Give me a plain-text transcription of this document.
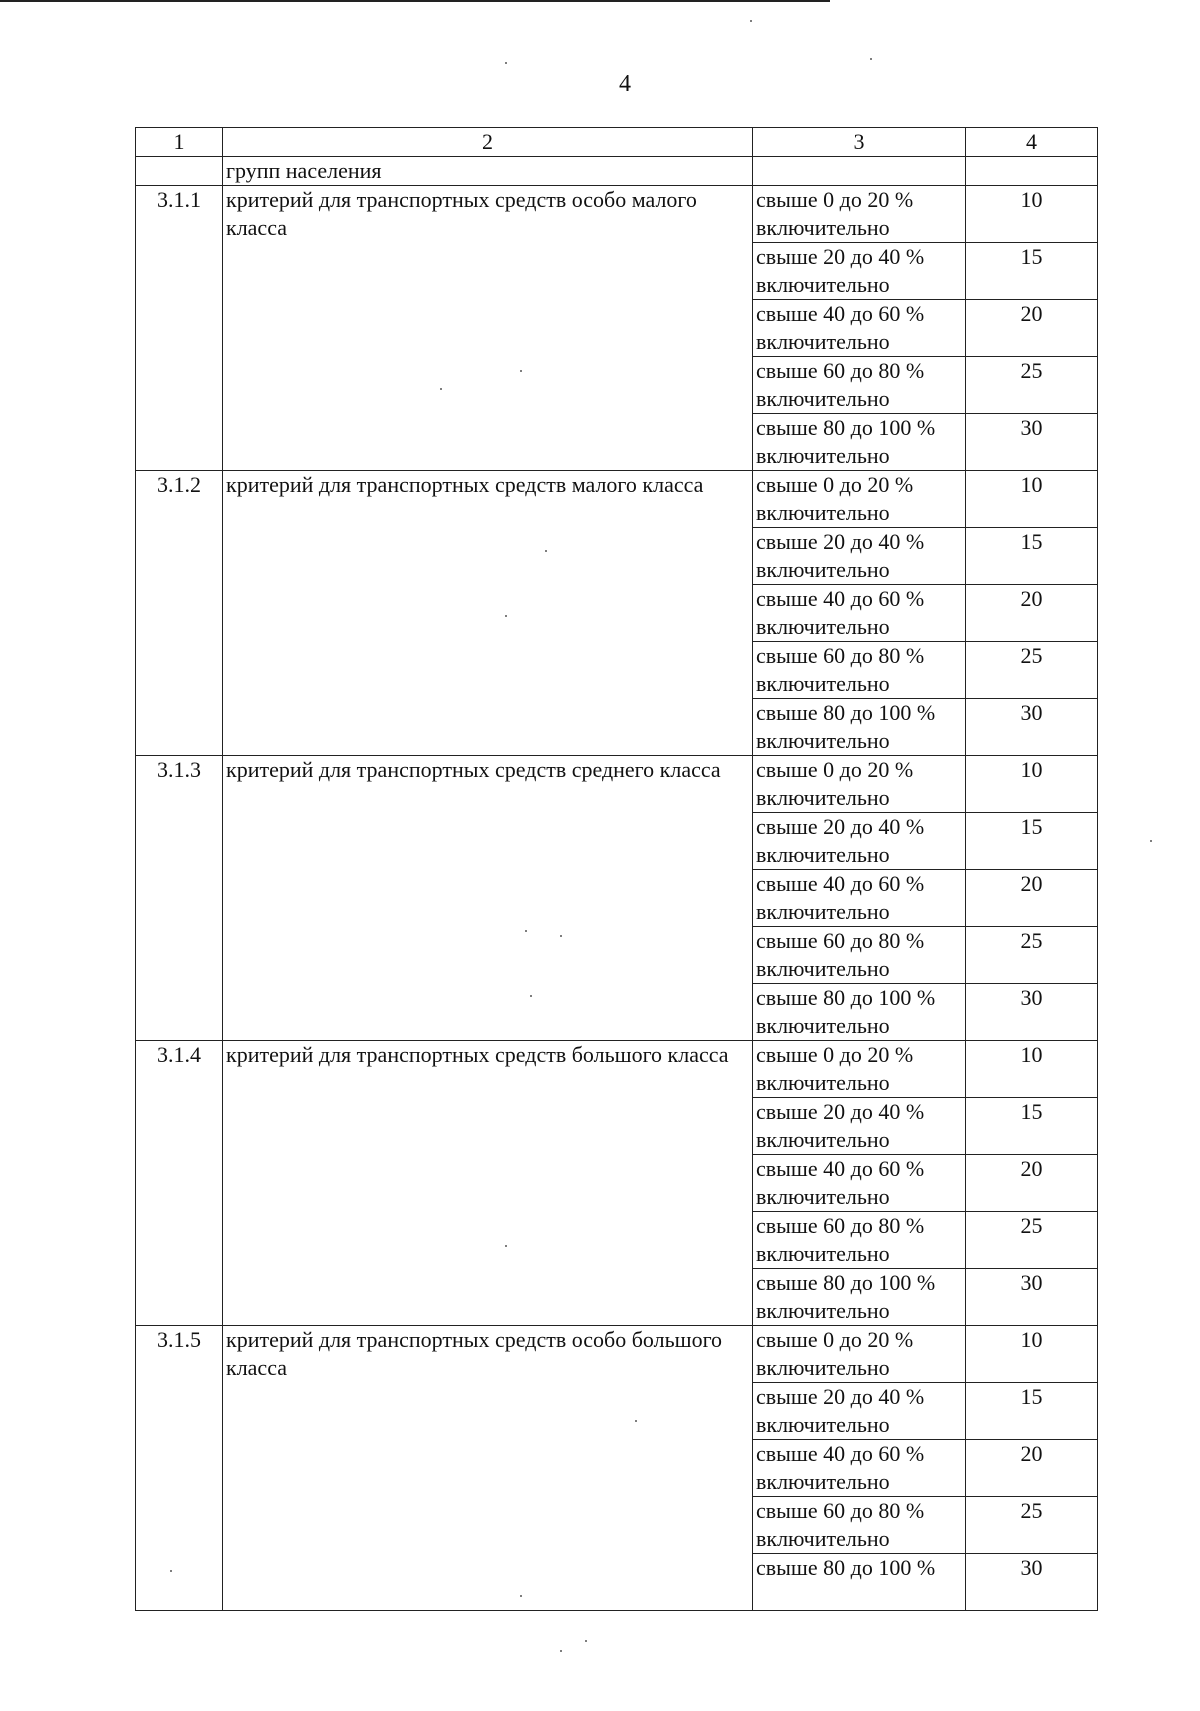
4
1	2	3	4
	групп населения		
3.1.1	критерий для транспортных средств особо малого класса	свыше 0 до 20 % включительно	10
		свыше 20 до 40 % включительно	15
		свыше 40 до 60 % включительно	20
		свыше 60 до 80 % включительно	25
		свыше 80 до 100 % включительно	30
3.1.2	критерий для транспортных средств малого класса	свыше 0 до 20 % включительно	10
		свыше 20 до 40 % включительно	15
		свыше 40 до 60 % включительно	20
		свыше 60 до 80 % включительно	25
		свыше 80 до 100 % включительно	30
3.1.3	критерий для транспортных средств среднего класса	свыше 0 до 20 % включительно	10
		свыше 20 до 40 % включительно	15
		свыше 40 до 60 % включительно	20
		свыше 60 до 80 % включительно	25
		свыше 80 до 100 % включительно	30
3.1.4	критерий для транспортных средств большого класса	свыше 0 до 20 % включительно	10
		свыше 20 до 40 % включительно	15
		свыше 40 до 60 % включительно	20
		свыше 60 до 80 % включительно	25
		свыше 80 до 100 % включительно	30
3.1.5	критерий для транспортных средств особо большого класса	свыше 0 до 20 % включительно	10
		свыше 20 до 40 % включительно	15
		свыше 40 до 60 % включительно	20
		свыше 60 до 80 % включительно	25
		свыше 80 до 100 %	30
